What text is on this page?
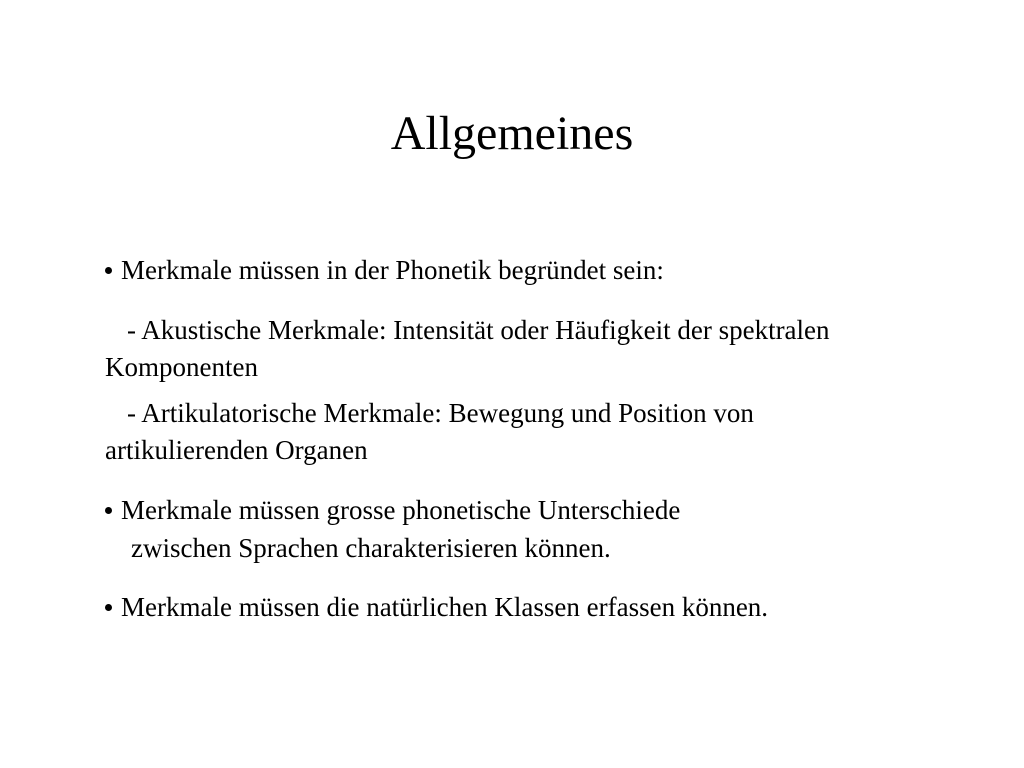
Allgemeines
Merkmale müssen in der Phonetik begründet sein:
- Akustische Merkmale: Intensität oder Häufigkeit der spektralen
Komponenten
- Artikulatorische Merkmale: Bewegung und Position von
artikulierenden Organen
Merkmale müssen grosse phonetische Unterschiede
zwischen Sprachen charakterisieren können.
Merkmale müssen die natürlichen Klassen erfassen können.
